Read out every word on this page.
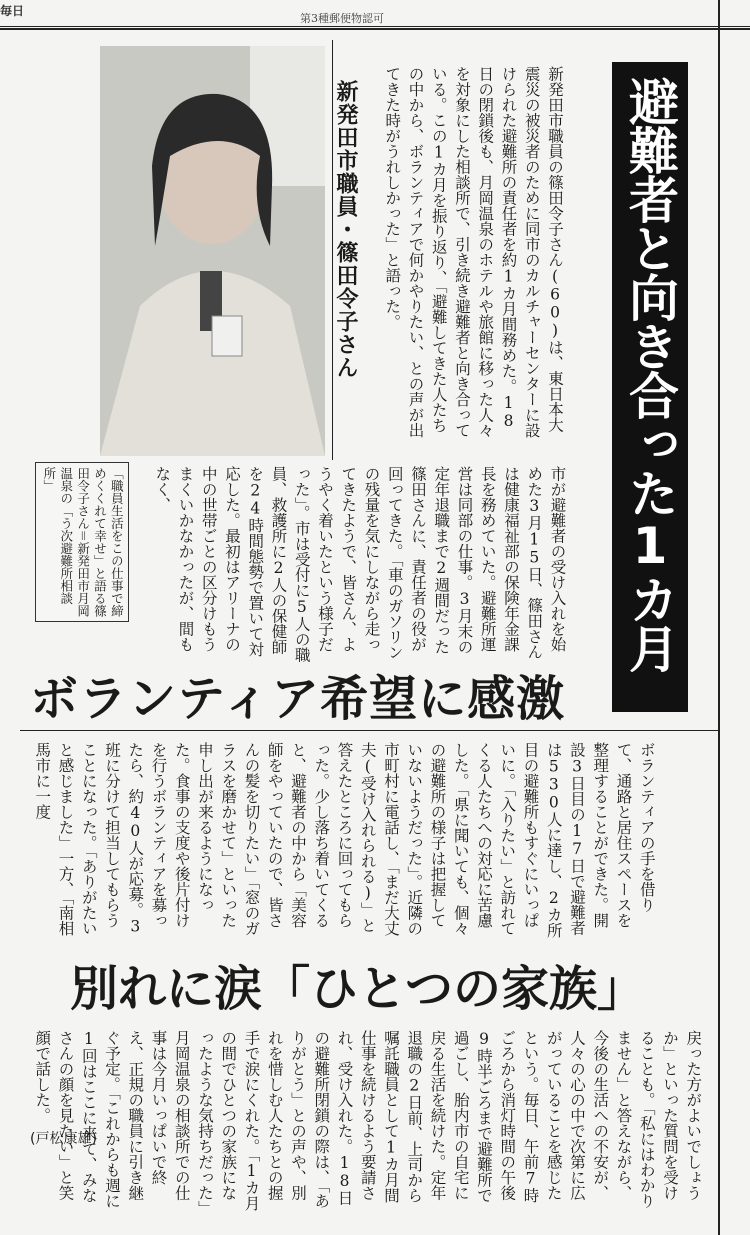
毎日
第3種郵便物認可
「職員生活をこの仕事で締めくくれて幸せ」と語る篠田令子さん＝新発田市月岡温泉の「う次避難所相談所」
新発田市職員・篠田令子さん	新発田市職員の篠田令子さん(60)は、東日本大震災の被災者のために同市のカルチャーセンターに設けられた避難所の責任者を約1カ月間務めた。18日の閉鎖後も、月岡温泉のホテルや旅館に移った人々を対象にした相談所で、引き続き避難者と向き合っている。この1カ月を振り返り、「避難してきた人たちの中から、ボランティアで何かやりたい、との声が出てきた時がうれしかった」と語った。	避難者と向き合った1カ月
市が避難者の受け入れを始めた3月15日、篠田さんは健康福祉部の保険年金課長を務めていた。避難所運営は同部の仕事。3月末の定年退職まで2週間だった篠田さんに、責任者の役が回ってきた。「車のガソリンの残量を気にしながら走ってきたようで、皆さん、ようやく着いたという様子だった」。市は受付に5人の職員、救護所に2人の保健師を24時間態勢で置いて対応した。最初はアリーナの中の世帯ごとの区分けもうまくいかなかったが、間もなく、
ボランティア希望に感激
ボランティアの手を借りて、通路と居住スペースを整理することができた。開設3日目の17日で避難者は530人に達し、2カ所目の避難所もすぐにいっぱいに。「入りたい」と訪れてくる人たちへの対応に苦慮した。「県に聞いても、個々の避難所の様子は把握していないようだった」。近隣の市町村に電話し、「まだ大丈夫(受け入れられる)」と答えたところに回ってもらった。少し落ち着いてくると、避難者の中から「美容師をやっていたので、皆さんの髪を切りたい」「窓のガラスを磨かせて」といった申し出が来るようになった。食事の支度や後片付けを行うボランティアを募ったら、約40人が応募。3班に分けて担当してもらうことになった。「ありがたいと感じました」一方、「南相馬市に一度
別れに涙「ひとつの家族」
戻った方がよいでしょうか」といった質問を受けることも。「私にはわかりません」と答えながら、今後の生活への不安が、人々の心の中で次第に広がっていることを感じたという。毎日、午前7時ごろから消灯時間の午後9時半ごろまで避難所で過ごし、胎内市の自宅に戻る生活を続けた。定年退職の2日前、上司から嘱託職員として1カ月間仕事を続けるよう要請され、受け入れた。18日の避難所閉鎖の際は、「ありがとう」との声や、別れを惜しむ人たちとの握手で涙にくれた。「1カ月の間でひとつの家族になったような気持ちだった」月岡温泉の相談所での仕事は今月いっぱいで終え、正規の職員に引き継ぐ予定。「これからも週に1回はここに来て、みなさんの顔を見たい」と笑顔で話した。
(戸松康雄)
